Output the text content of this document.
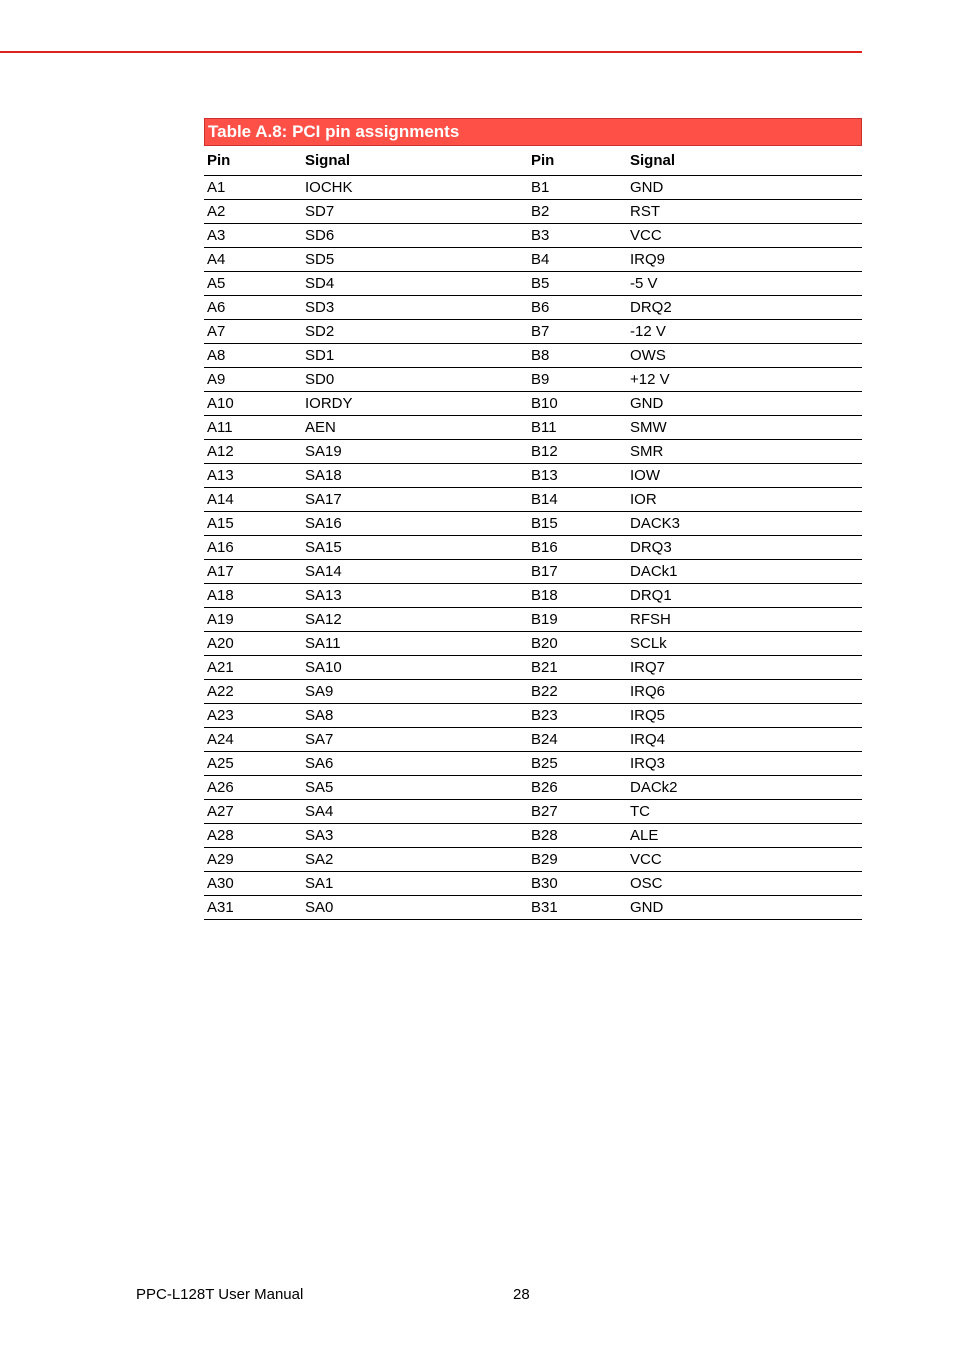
Table A.8: PCI pin assignments
Pin	Signal	Pin	Signal
A1	IOCHK	B1	GND
A2	SD7	B2	RST
A3	SD6	B3	VCC
A4	SD5	B4	IRQ9
A5	SD4	B5	-5 V
A6	SD3	B6	DRQ2
A7	SD2	B7	-12 V
A8	SD1	B8	OWS
A9	SD0	B9	+12 V
A10	IORDY	B10	GND
A11	AEN	B11	SMW
A12	SA19	B12	SMR
A13	SA18	B13	IOW
A14	SA17	B14	IOR
A15	SA16	B15	DACK3
A16	SA15	B16	DRQ3
A17	SA14	B17	DACk1
A18	SA13	B18	DRQ1
A19	SA12	B19	RFSH
A20	SA11	B20	SCLk
A21	SA10	B21	IRQ7
A22	SA9	B22	IRQ6
A23	SA8	B23	IRQ5
A24	SA7	B24	IRQ4
A25	SA6	B25	IRQ3
A26	SA5	B26	DACk2
A27	SA4	B27	TC
A28	SA3	B28	ALE
A29	SA2	B29	VCC
A30	SA1	B30	OSC
A31	SA0	B31	GND
PPC-L128T User Manual	28
